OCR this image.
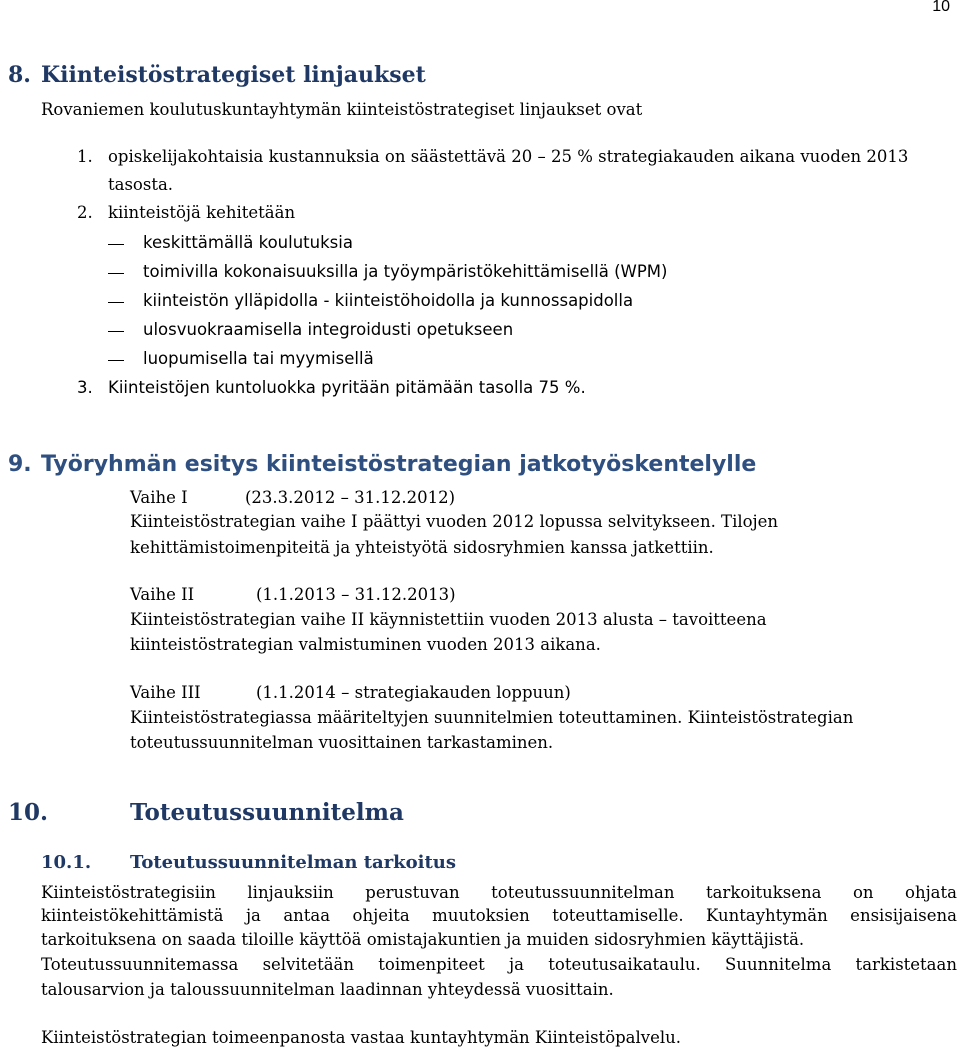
10
8. Kiinteistöstrategiset linjaukset
Rovaniemen koulutuskuntayhtymän kiinteistöstrategiset linjaukset ovat
1. opiskelijakohtaisia kustannuksia on säästettävä 20 – 25 % strategiakauden aikana vuoden 2013
tasosta.
2. kiinteistöjä kehitetään
keskittämällä koulutuksia
toimivilla kokonaisuuksilla ja työympäristökehittämisellä (WPM)
kiinteistön ylläpidolla - kiinteistöhoidolla ja kunnossapidolla
ulosvuokraamisella integroidusti opetukseen
luopumisella tai myymisellä
3. Kiinteistöjen kuntoluokka pyritään pitämään tasolla 75 %.
9. Työryhmän esitys kiinteistöstrategian jatkotyöskentelylle
Vaihe I	(23.3.2012 – 31.12.2012)
Kiinteistöstrategian vaihe I päättyi vuoden 2012 lopussa selvitykseen. Tilojen
kehittämistoimenpiteitä ja yhteistyötä sidosryhmien kanssa jatkettiin.
Vaihe II	(1.1.2013 – 31.12.2013)
Kiinteistöstrategian vaihe II käynnistettiin vuoden 2013 alusta – tavoitteena
kiinteistöstrategian valmistuminen vuoden 2013 aikana.
Vaihe III	(1.1.2014 – strategiakauden loppuun)
Kiinteistöstrategiassa määriteltyjen suunnitelmien toteuttaminen. Kiinteistöstrategian
toteutussuunnitelman vuosittainen tarkastaminen.
10.	Toteutussuunnitelma
10.1. Toteutussuunnitelman tarkoitus
Kiinteistöstrategisiin linjauksiin perustuvan toteutussuunnitelman tarkoituksena on ohjata
kiinteistökehittämistä ja antaa ohjeita muutoksien toteuttamiselle. Kuntayhtymän ensisijaisena
tarkoituksena on saada tiloille käyttöä omistajakuntien ja muiden sidosryhmien käyttäjistä.
Toteutussuunnitemassa selvitetään toimenpiteet ja toteutusaikataulu. Suunnitelma tarkistetaan
talousarvion ja taloussuunnitelman laadinnan yhteydessä vuosittain.
Kiinteistöstrategian toimeenpanosta vastaa kuntayhtymän Kiinteistöpalvelu.
